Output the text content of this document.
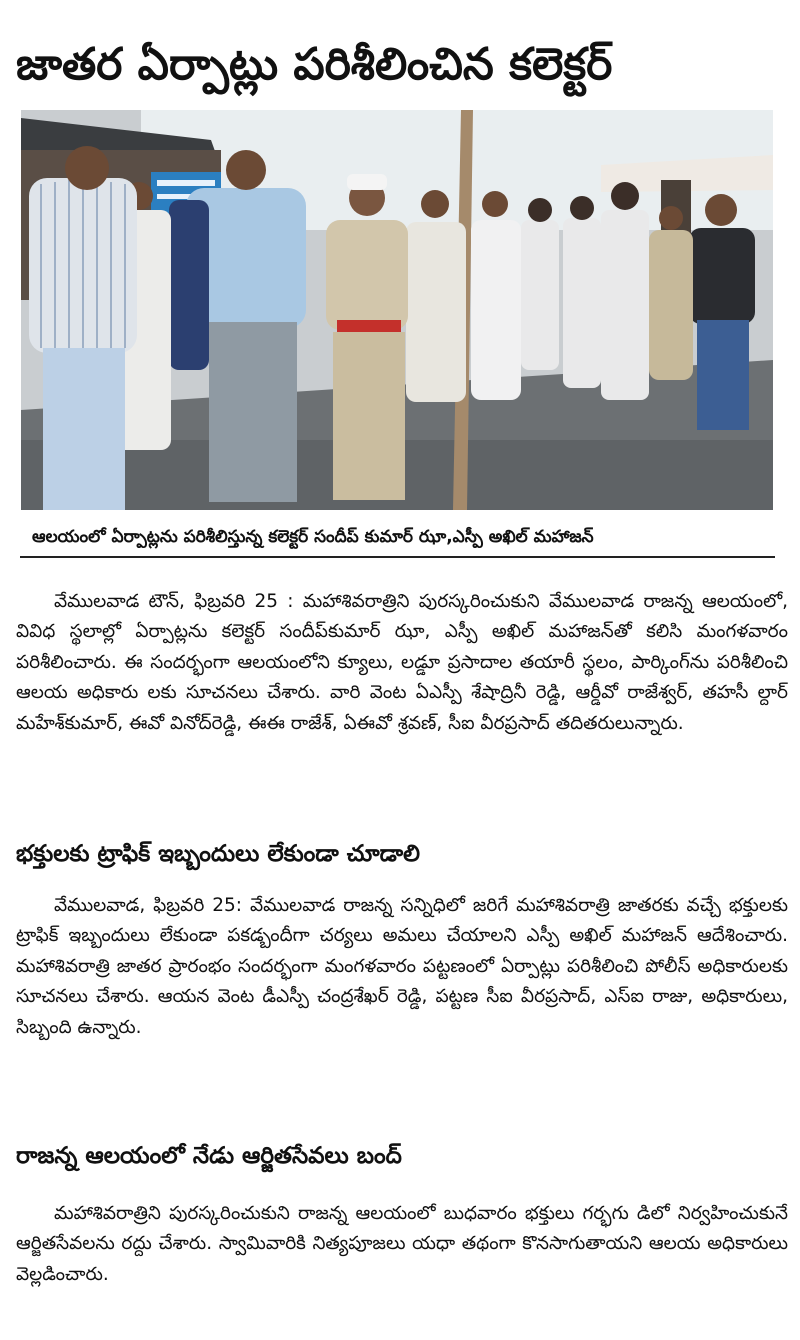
జాతర ఏర్పాట్లు పరిశీలించిన కలెక్టర్
ఆలయంలో ఏర్పాట్లను పరిశీలిస్తున్న కలెక్టర్ సందీప్ కుమార్ ఝా,ఎస్పీ అఖిల్ మహాజన్

వేములవాడ టౌన్, ఫిబ్రవరి 25 : మహాశివరాత్రిని పురస్కరించుకుని వేములవాడ రాజన్న ఆలయంలో, వివిధ స్థలాల్లో ఏర్పాట్లను కలెక్టర్ సందీప్‌కుమార్ ఝా, ఎస్పీ అఖిల్ మహాజన్‌తో కలిసి మంగళవారం పరిశీలించారు. ఈ సందర్భంగా ఆలయంలోని క్యూలు, లడ్డూ ప్రసాదాల తయారీ స్థలం, పార్కింగ్‌ను పరిశీలించి ఆలయ అధికారు లకు సూచనలు చేశారు. వారి వెంట ఏఎస్పీ శేషాద్రినీ రెడ్డి, ఆర్డీవో రాజేశ్వర్, తహసీ ల్దార్ మహేశ్‌కుమార్, ఈవో వినోద్‌రెడ్డి, ఈఈ రాజేశ్, ఏఈవో శ్రవణ్, సీఐ వీరప్రసాద్ తదితరులున్నారు.

భక్తులకు ట్రాఫిక్ ఇబ్బందులు లేకుండా చూడాలి

వేములవాడ, ఫిబ్రవరి 25: వేములవాడ రాజన్న సన్నిధిలో జరిగే మహాశివరాత్రి జాతరకు వచ్చే భక్తులకు ట్రాఫిక్ ఇబ్బందులు లేకుండా పకడ్బందీగా చర్యలు అమలు చేయాలని ఎస్పీ అఖిల్ మహాజన్ ఆదేశించారు. మహాశివరాత్రి జాతర ప్రారంభం సందర్భంగా మంగళవారం పట్టణంలో ఏర్పాట్లు పరిశీలించి పోలీస్ అధికారులకు సూచనలు చేశారు. ఆయన వెంట డీఎస్పీ చంద్రశేఖర్ రెడ్డి, పట్టణ సీఐ వీరప్రసాద్, ఎస్ఐ రాజు, అధికారులు, సిబ్బంది ఉన్నారు.

రాజన్న ఆలయంలో నేడు ఆర్జితసేవలు బంద్

మహాశివరాత్రిని పురస్కరించుకుని రాజన్న ఆలయంలో బుధవారం భక్తులు గర్భగు డిలో నిర్వహించుకునే ఆర్జితసేవలను రద్దు చేశారు. స్వామివారికి నిత్యపూజలు యధా తథంగా కొనసాగుతాయని ఆలయ అధికారులు వెల్లడించారు.
